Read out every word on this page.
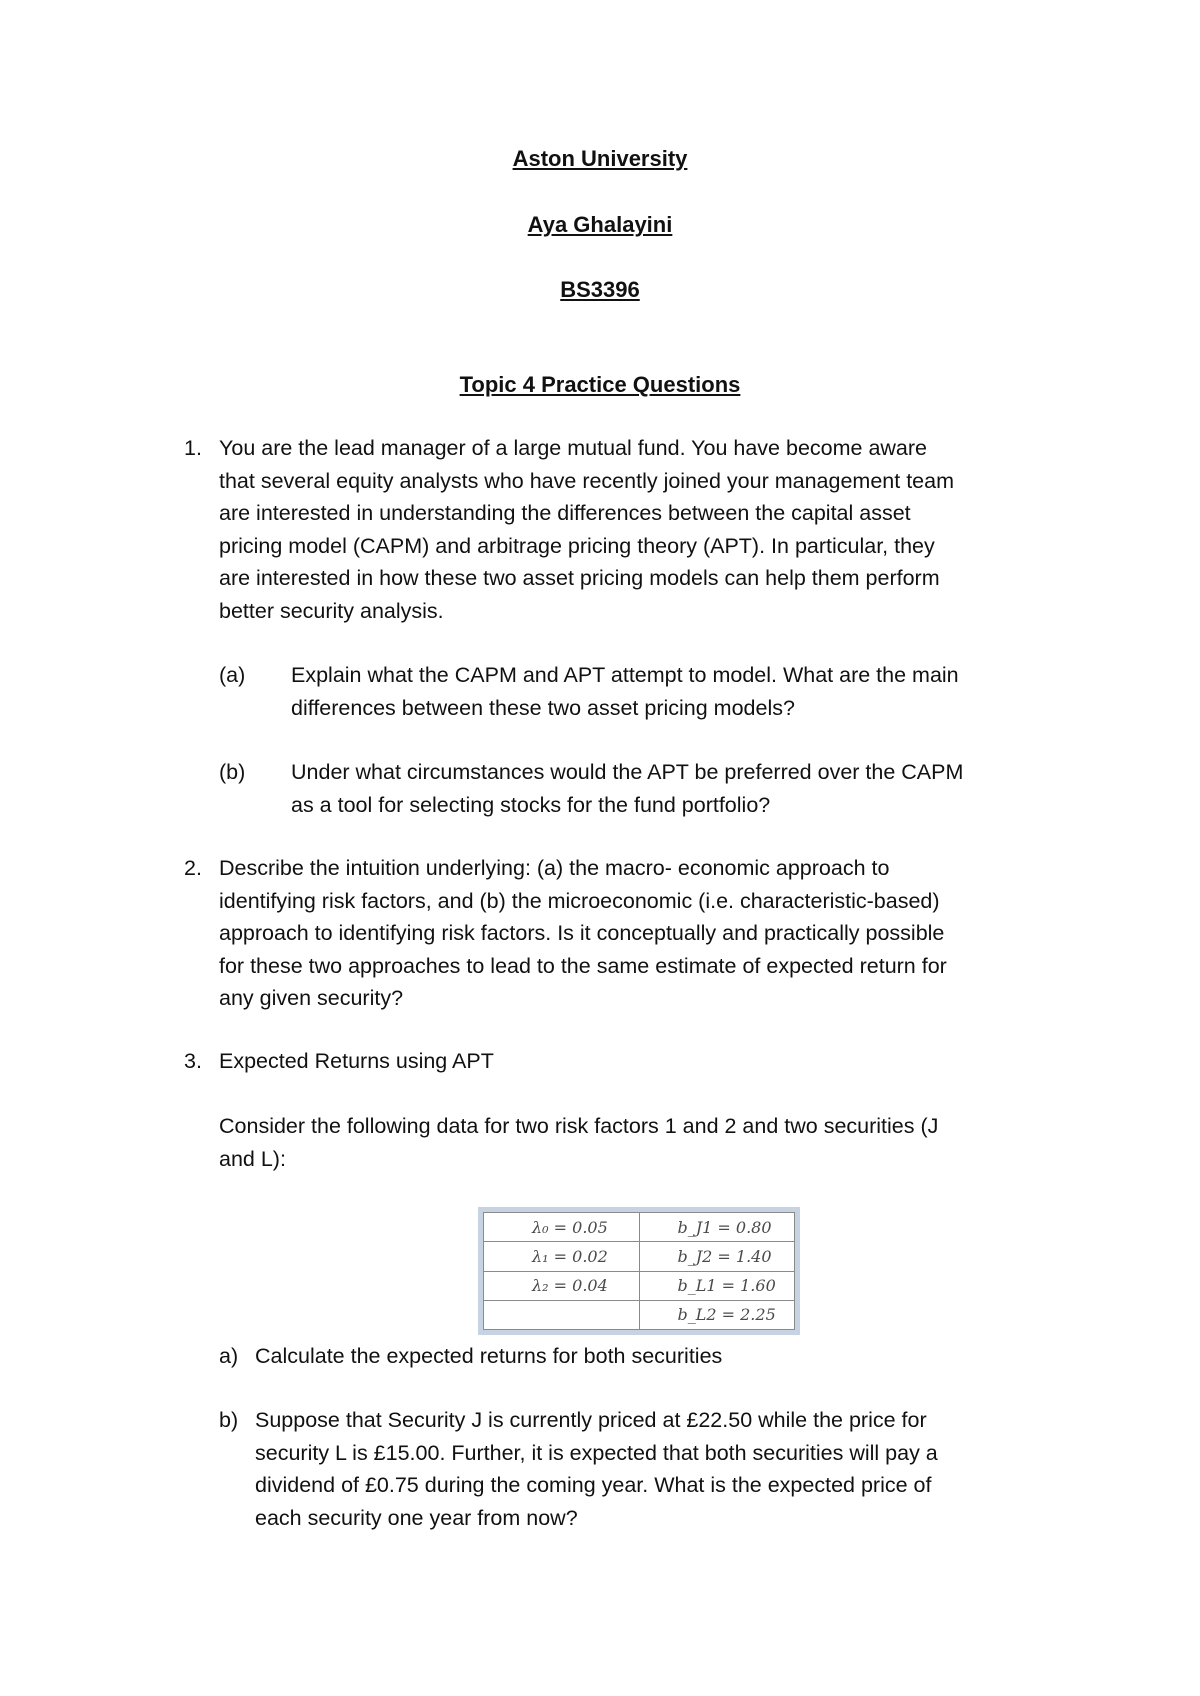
Aston University
Aya Ghalayini
BS3396
Topic 4 Practice Questions
1. You are the lead manager of a large mutual fund. You have become aware
that several equity analysts who have recently joined your management team
are interested in understanding the differences between the capital asset
pricing model (CAPM) and arbitrage pricing theory (APT). In particular, they
are interested in how these two asset pricing models can help them perform
better security analysis.
(a) Explain what the CAPM and APT attempt to model. What are the main
differences between these two asset pricing models?
(b) Under what circumstances would the APT be preferred over the CAPM
as a tool for selecting stocks for the fund portfolio?
2. Describe the intuition underlying: (a) the macro- economic approach to
identifying risk factors, and (b) the microeconomic (i.e. characteristic-based)
approach to identifying risk factors. Is it conceptually and practically possible
for these two approaches to lead to the same estimate of expected return for
any given security?
3. Expected Returns using APT
Consider the following data for two risk factors 1 and 2 and two securities (J
and L):
λ₀ = 0.05	b_J1 = 0.80
λ₁ = 0.02	b_J2 = 1.40
λ₂ = 0.04	b_L1 = 1.60
	b_L2 = 2.25
a) Calculate the expected returns for both securities
b) Suppose that Security J is currently priced at £22.50 while the price for
security L is £15.00. Further, it is expected that both securities will pay a
dividend of £0.75 during the coming year. What is the expected price of
each security one year from now?
